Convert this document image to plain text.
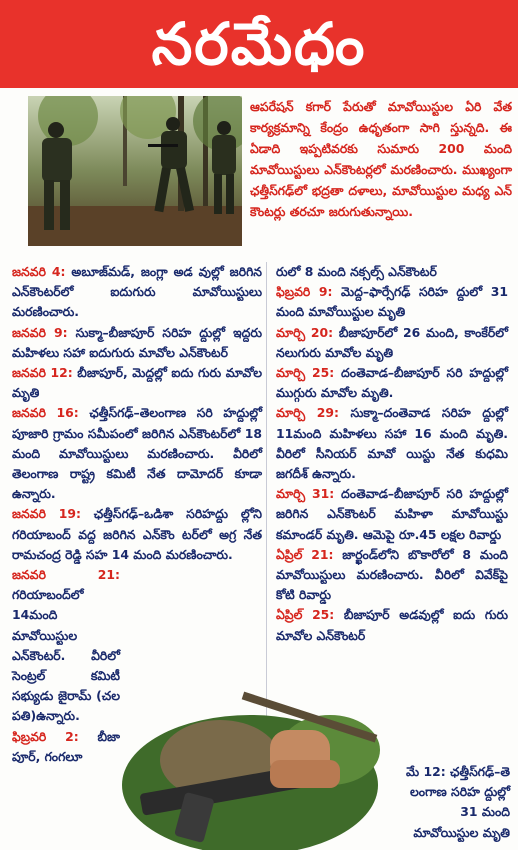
నరమేధం
ఆపరేషన్ కగార్ పేరుతో మావోయిస్టుల ఏరి వేత కార్యక్రమాన్ని కేంద్రం ఉధృతంగా సాగి స్తున్నది. ఈ ఏడాది ఇప్పటివరకు సుమారు 200 మంది మావోయిస్టులు ఎన్‌కౌంటర్లలో మరణించారు. ముఖ్యంగా ఛత్తీస్‌గఢ్‌లో భద్రతా దళాలు, మావోయిస్టుల మధ్య ఎన్ కౌంటర్లు తరచూ జరుగుతున్నాయి.

జనవరి 4: అబూజ్‌మడ్, జంగ్లా అడ వుల్లో జరిగిన ఎన్‌కౌంటర్‌లో ఐదుగురు మావోయిస్టులు మరణించారు.

జనవరి 9: సుక్మా–బీజాపూర్ సరిహ ద్దుల్లో ఇద్దరు మహిళలు సహా ఐదుగురు మావోల ఎన్‌కౌంటర్

జనవరి 12: బీజాపూర్, మెద్దల్లో ఐదు గురు మావోల మృతి

జనవరి 16: ఛత్తీస్‌గఢ్–తెలంగాణ సరి హద్దుల్లో పూజారి గ్రామం సమీపంలో జరిగిన ఎన్‌కౌంటర్‌లో 18 మంది మావోయిస్టులు మరణించారు. వీరిలో తెలంగాణ రాష్ట్ర కమిటీ నేత దామోదర్ కూడా ఉన్నారు.

జనవరి 19: ఛత్తీస్‌గఢ్–ఒడిశా సరిహద్దు ల్లోని గరియాబంద్ వద్ద జరిగిన ఎన్‌కౌం టర్‌లో అగ్ర నేత రామచంద్ర రెడ్డి సహ 14 మంది మరణించారు.

జనవరి 21: గరియాబంద్‌లో 14మంది మావోయిస్టుల ఎన్‌కౌంటర్. వీరిలో సెంట్రల్ కమిటీ సభ్యుడు జైరామ్ (చల పతి)ఉన్నారు.

ఫిబ్రవరి 2: బీజా పూర్, గంగలూ

రులో 8 మంది నక్సల్స్ ఎన్‌కౌంటర్

ఫిబ్రవరి 9: మెద్ద–ఫార్సేగఢ్ సరిహ ద్దులో 31 మంది మావోయిస్టుల మృతి

మార్చి 20: బీజాపూర్‌లో 26 మంది, కాంకేర్‌లో నలుగురు మావోల మృతి

మార్చి 25: దంతెవాడ–బీజాపూర్ సరి హద్దుల్లో ముగ్గురు మావోల మృతి.

మార్చి 29: సుక్మా–దంతెవాడ సరిహ ద్దుల్లో 11మంది మహిళలు సహా 16 మంది మృతి. వీరిలో సీనియర్ మావో యిస్టు నేత కుధమి జగదీశ్ ఉన్నారు.

మార్చి 31: దంతెవాడ–బీజాపూర్ సరి హద్దుల్లో జరిగిన ఎన్‌కౌంటర్ మహిళా మావోయిస్టు కమాండర్ మృతి. ఆమెపై రూ.45 లక్షల రివార్డు

ఏప్రిల్ 21: జార్ఖండ్‌లోని బొకారోలో 8 మంది మావోయిస్టులు మరణించారు. వీరిలో వివేక్‌పై కోటి రివార్డు

ఏప్రిల్ 25: బీజాపూర్ అడవుల్లో ఐదు గురు మావోల ఎన్‌కౌంటర్

మే 12: ఛత్తీస్‌గఢ్–తె లంగాణ సరిహ ద్దుల్లో 31 మంది మావోయిస్టుల మృతి
